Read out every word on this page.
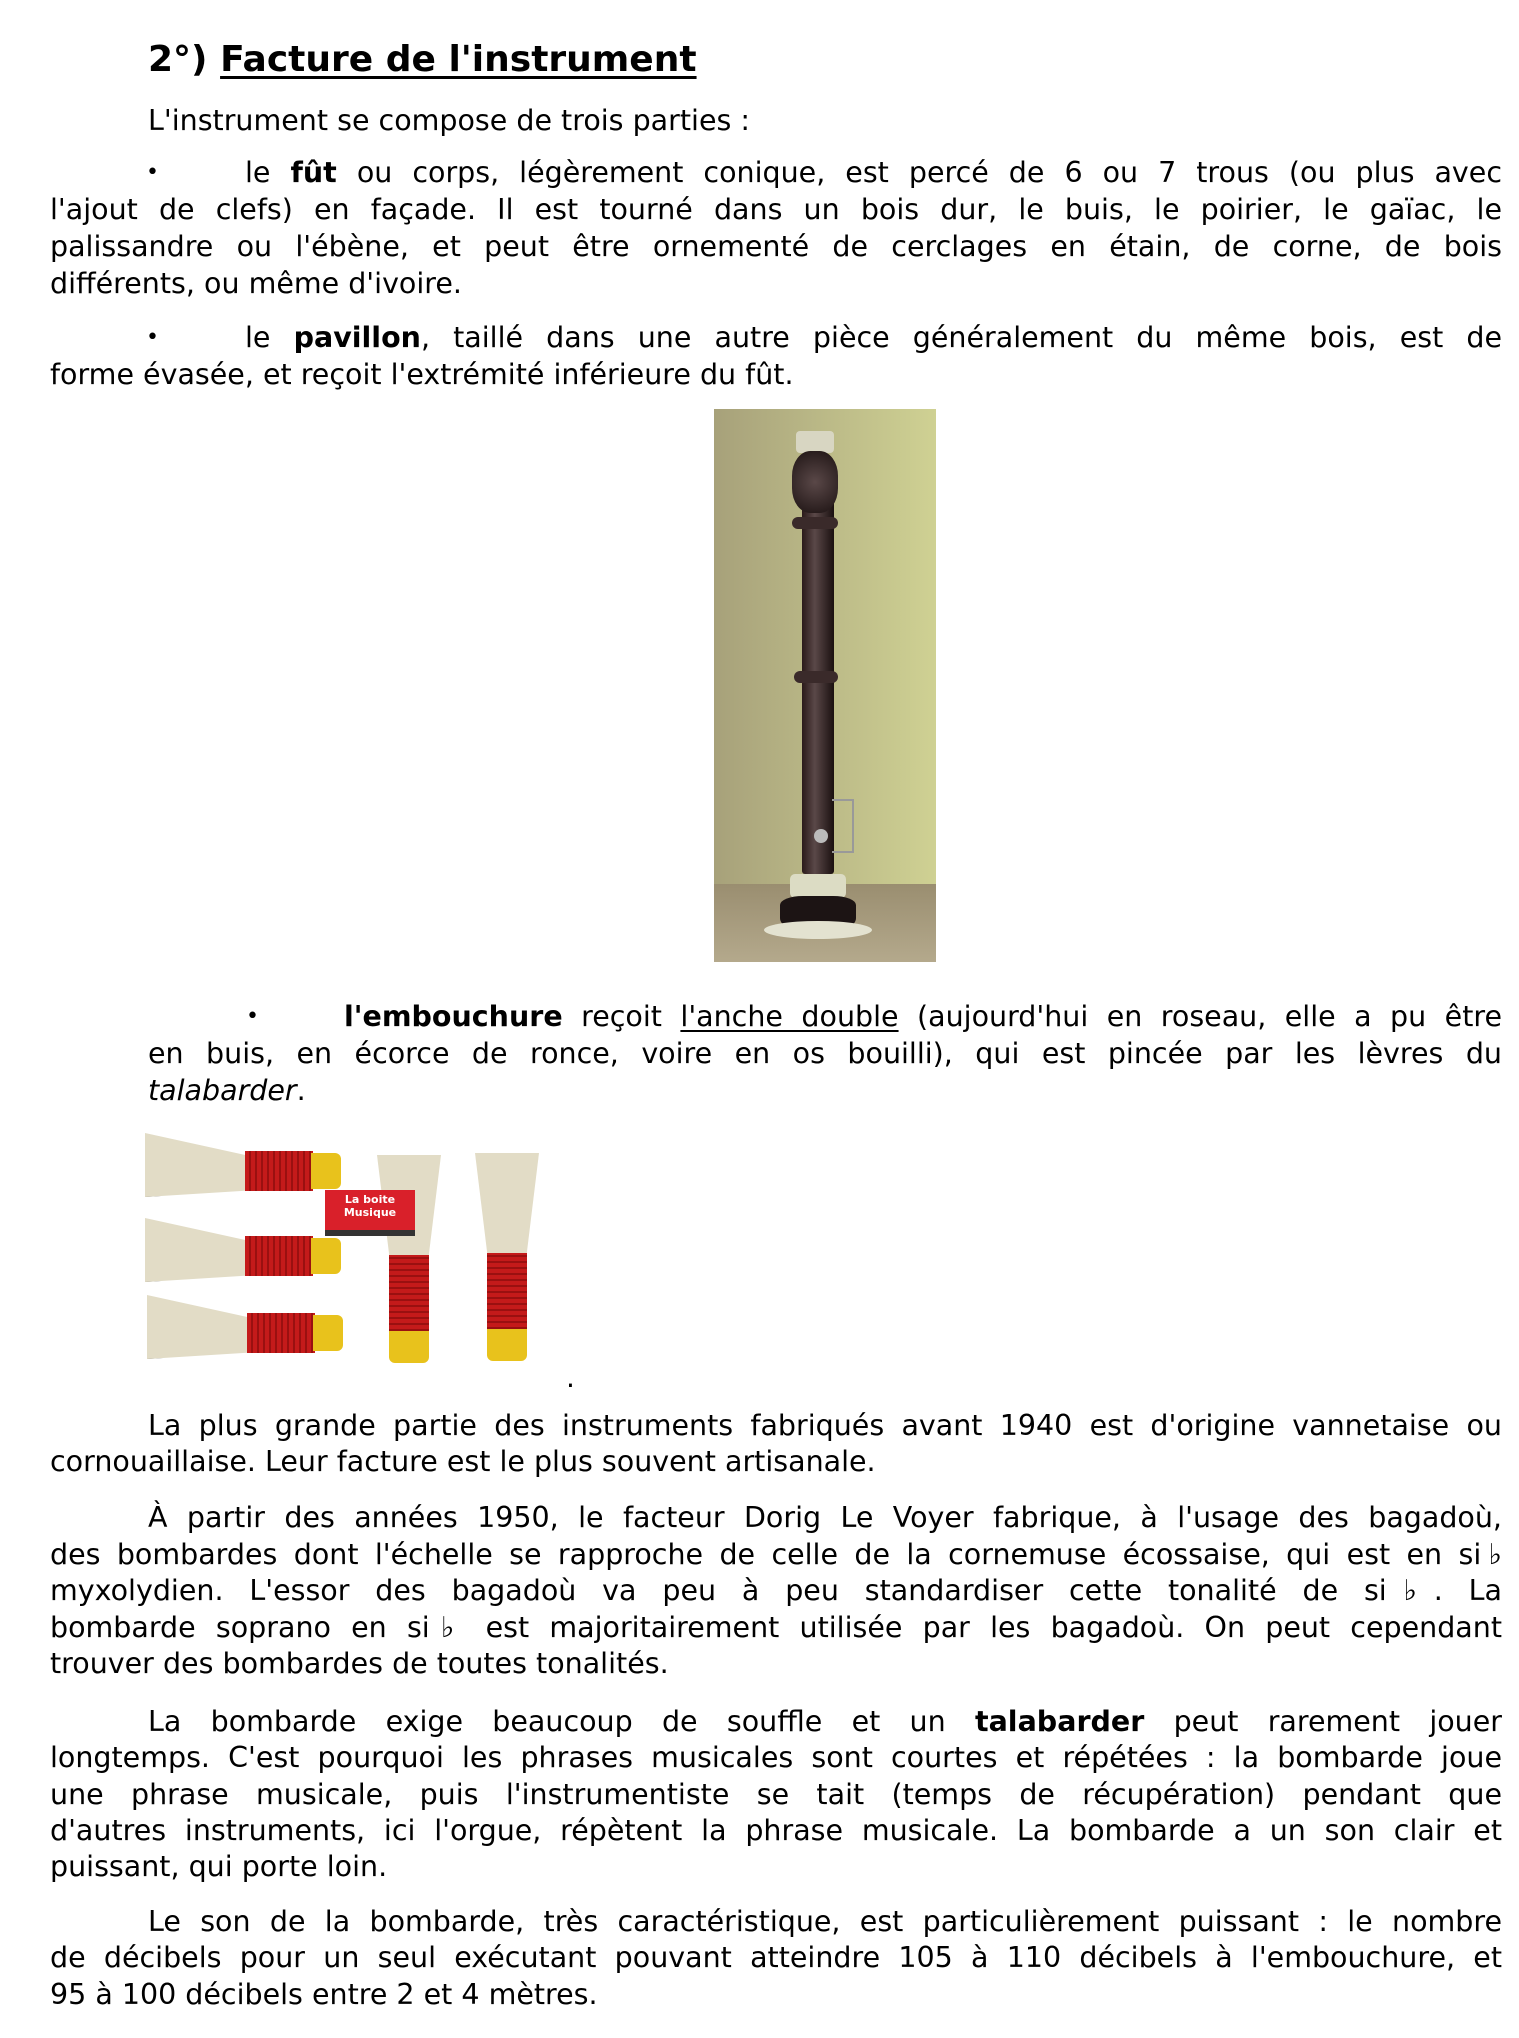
2°) Facture de l'instrument
L'instrument se compose de trois parties :
•	le fût ou corps, légèrement conique, est percé de 6 ou 7 trous (ou plus avec
l'ajout de clefs) en façade. Il est tourné dans un bois dur, le buis, le poirier, le gaïac, le
palissandre ou l'ébène, et peut être ornementé de cerclages en étain, de corne, de bois
différents, ou même d'ivoire.
•	le pavillon, taillé dans une autre pièce généralement du même bois, est de
forme évasée, et reçoit l'extrémité inférieure du fût.
•	l'embouchure reçoit l'anche double (aujourd'hui en roseau, elle a pu être
en buis, en écorce de ronce, voire en os bouilli), qui est pincée par les lèvres du
talabarder.
La boite
Musique
.
La plus grande partie des instruments fabriqués avant 1940 est d'origine vannetaise ou
cornouaillaise. Leur facture est le plus souvent artisanale.
À partir des années 1950, le facteur Dorig Le Voyer fabrique, à l'usage des bagadoù,
des bombardes dont l'échelle se rapproche de celle de la cornemuse écossaise, qui est en si♭
myxolydien. L'essor des bagadoù va peu à peu standardiser cette tonalité de si♭. La
bombarde soprano en si♭ est majoritairement utilisée par les bagadoù. On peut cependant
trouver des bombardes de toutes tonalités.
La bombarde exige beaucoup de souffle et un talabarder peut rarement jouer
longtemps. C'est pourquoi les phrases musicales sont courtes et répétées : la bombarde joue
une phrase musicale, puis l'instrumentiste se tait (temps de récupération) pendant que
d'autres instruments, ici l'orgue, répètent la phrase musicale. La bombarde a un son clair et
puissant, qui porte loin.
Le son de la bombarde, très caractéristique, est particulièrement puissant : le nombre
de décibels pour un seul exécutant pouvant atteindre 105 à 110 décibels à l'embouchure, et
95 à 100 décibels entre 2 et 4 mètres.
